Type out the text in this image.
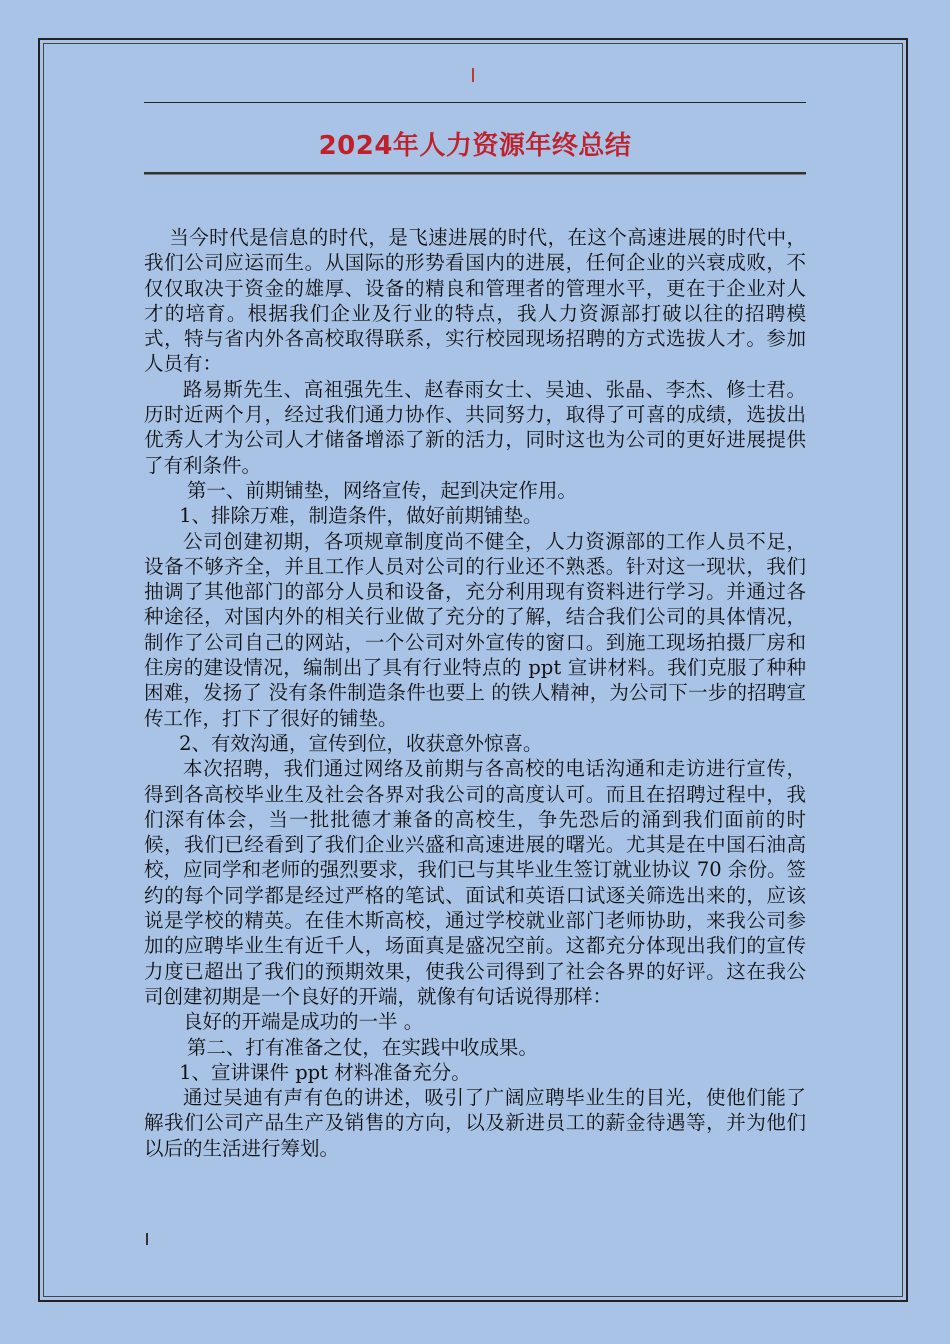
2024年人力资源年终总结

当今时代是信息的时代，是飞速进展的时代，在这个高速进展的时代中，我们公司应运而生。从国际的形势看国内的进展，任何企业的兴衰成败，不仅仅取决于资金的雄厚、设备的精良和管理者的管理水平，更在于企业对人才的培育。根据我们企业及行业的特点，我人力资源部打破以往的招聘模式，特与省内外各高校取得联系，实行校园现场招聘的方式选拔人才。参加人员有：

路易斯先生、高祖强先生、赵春雨女士、吴迪、张晶、李杰、修士君。历时近两个月，经过我们通力协作、共同努力，取得了可喜的成绩，选拔出优秀人才为公司人才储备增添了新的活力，同时这也为公司的更好进展提供了有利条件。

第一、前期铺垫，网络宣传，起到决定作用。

1、排除万难，制造条件，做好前期铺垫。

公司创建初期，各项规章制度尚不健全，人力资源部的工作人员不足，设备不够齐全，并且工作人员对公司的行业还不熟悉。针对这一现状，我们抽调了其他部门的部分人员和设备，充分利用现有资料进行学习。并通过各种途径，对国内外的相关行业做了充分的了解，结合我们公司的具体情况，制作了公司自己的网站，一个公司对外宣传的窗口。到施工现场拍摄厂房和住房的建设情况，编制出了具有行业特点的 ppt 宣讲材料。我们克服了种种困难，发扬了 没有条件制造条件也要上 的铁人精神，为公司下一步的招聘宣传工作，打下了很好的铺垫。

2、有效沟通，宣传到位，收获意外惊喜。

本次招聘，我们通过网络及前期与各高校的电话沟通和走访进行宣传，得到各高校毕业生及社会各界对我公司的高度认可。而且在招聘过程中，我们深有体会，当一批批德才兼备的高校生，争先恐后的涌到我们面前的时候，我们已经看到了我们企业兴盛和高速进展的曙光。尤其是在中国石油高校，应同学和老师的强烈要求，我们已与其毕业生签订就业协议 70 余份。签约的每个同学都是经过严格的笔试、面试和英语口试逐关筛选出来的，应该说是学校的精英。在佳木斯高校，通过学校就业部门老师协助，来我公司参加的应聘毕业生有近千人，场面真是盛况空前。这都充分体现出我们的宣传力度已超出了我们的预期效果，使我公司得到了社会各界的好评。这在我公司创建初期是一个良好的开端，就像有句话说得那样：

良好的开端是成功的一半 。

第二、打有准备之仗，在实践中收成果。

1、宣讲课件 ppt 材料准备充分。

通过吴迪有声有色的讲述，吸引了广阔应聘毕业生的目光，使他们能了解我们公司产品生产及销售的方向，以及新进员工的薪金待遇等，并为他们以后的生活进行筹划。
